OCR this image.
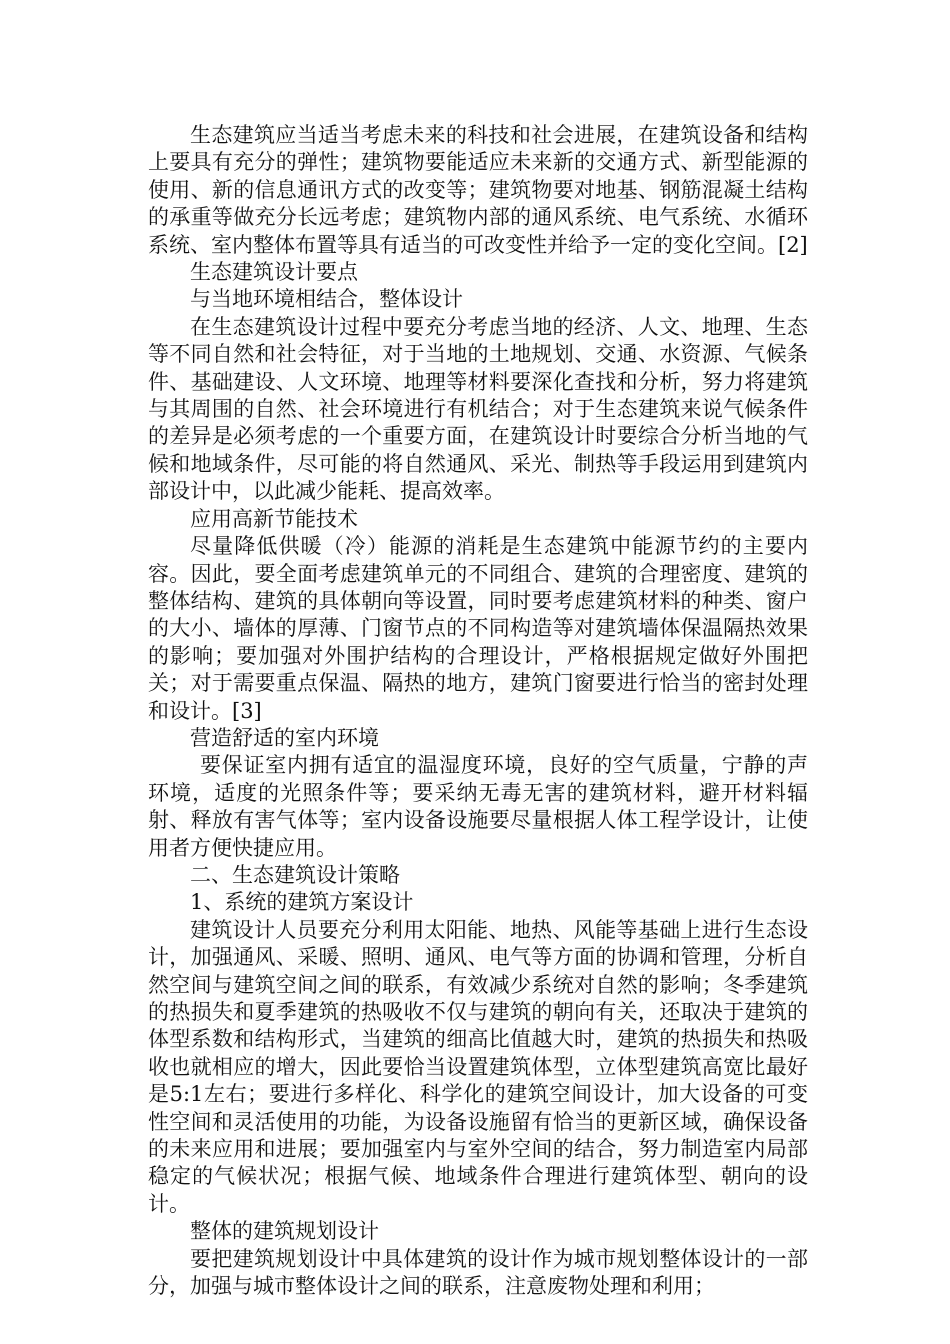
生态建筑应当适当考虑未来的科技和社会进展，在建筑设备和结构上要具有充分的弹性；建筑物要能适应未来新的交通方式、新型能源的使用、新的信息通讯方式的改变等；建筑物要对地基、钢筋混凝土结构的承重等做充分长远考虑；建筑物内部的通风系统、电气系统、水循环系统、室内整体布置等具有适当的可改变性并给予一定的变化空间。[2]

生态建筑设计要点

与当地环境相结合，整体设计

在生态建筑设计过程中要充分考虑当地的经济、人文、地理、生态等不同自然和社会特征，对于当地的土地规划、交通、水资源、气候条件、基础建设、人文环境、地理等材料要深化查找和分析，努力将建筑与其周围的自然、社会环境进行有机结合；对于生态建筑来说气候条件的差异是必须考虑的一个重要方面，在建筑设计时要综合分析当地的气候和地域条件，尽可能的将自然通风、采光、制热等手段运用到建筑内部设计中，以此减少能耗、提高效率。

应用高新节能技术

尽量降低供暖（冷）能源的消耗是生态建筑中能源节约的主要内容。因此，要全面考虑建筑单元的不同组合、建筑的合理密度、建筑的整体结构、建筑的具体朝向等设置，同时要考虑建筑材料的种类、窗户的大小、墙体的厚薄、门窗节点的不同构造等对建筑墙体保温隔热效果的影响；要加强对外围护结构的合理设计，严格根据规定做好外围把关；对于需要重点保温、隔热的地方，建筑门窗要进行恰当的密封处理和设计。[3]

营造舒适的室内环境

要保证室内拥有适宜的温湿度环境，良好的空气质量，宁静的声环境，适度的光照条件等；要采纳无毒无害的建筑材料，避开材料辐射、释放有害气体等；室内设备设施要尽量根据人体工程学设计，让使用者方便快捷应用。

二、生态建筑设计策略

1、系统的建筑方案设计

建筑设计人员要充分利用太阳能、地热、风能等基础上进行生态设计，加强通风、采暖、照明、通风、电气等方面的协调和管理，分析自然空间与建筑空间之间的联系，有效减少系统对自然的影响；冬季建筑的热损失和夏季建筑的热吸收不仅与建筑的朝向有关，还取决于建筑的体型系数和结构形式，当建筑的细高比值越大时，建筑的热损失和热吸收也就相应的增大，因此要恰当设置建筑体型，立体型建筑高宽比最好是5:1左右；要进行多样化、科学化的建筑空间设计，加大设备的可变性空间和灵活使用的功能，为设备设施留有恰当的更新区域，确保设备的未来应用和进展；要加强室内与室外空间的结合，努力制造室内局部稳定的气候状况；根据气候、地域条件合理进行建筑体型、朝向的设计。

整体的建筑规划设计

要把建筑规划设计中具体建筑的设计作为城市规划整体设计的一部分，加强与城市整体设计之间的联系，注意废物处理和利用；
